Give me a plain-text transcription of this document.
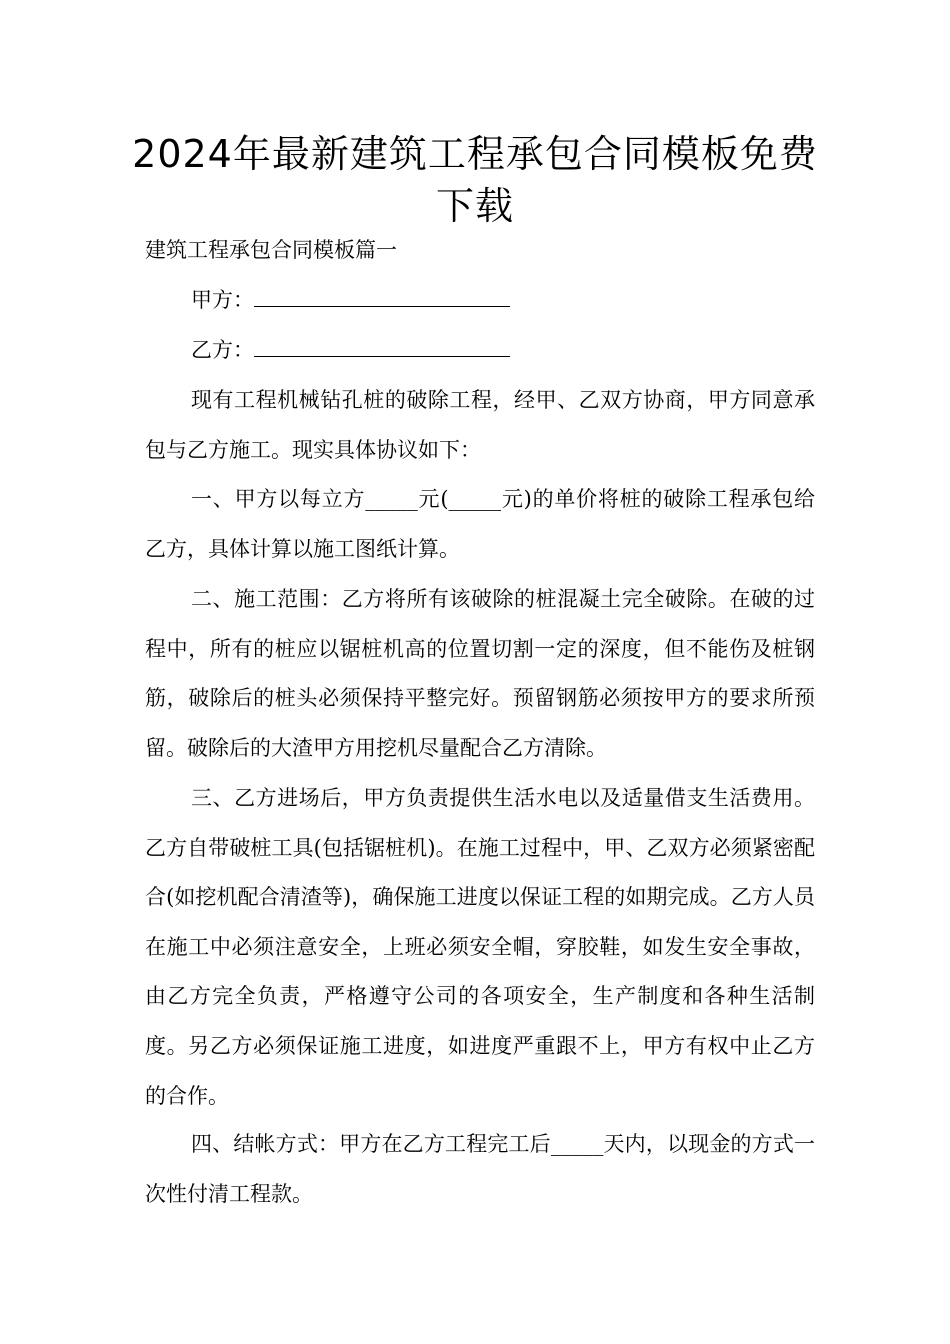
2024年最新建筑工程承包合同模板免费下载

建筑工程承包合同模板篇一

甲方：

乙方：

现有工程机械钻孔桩的破除工程，经甲、乙双方协商，甲方同意承包与乙方施工。现实具体协议如下：

一、甲方以每立方_____元(_____元)的单价将桩的破除工程承包给乙方，具体计算以施工图纸计算。

二、施工范围：乙方将所有该破除的桩混凝土完全破除。在破的过程中，所有的桩应以锯桩机高的位置切割一定的深度，但不能伤及桩钢筋，破除后的桩头必须保持平整完好。预留钢筋必须按甲方的要求所预留。破除后的大渣甲方用挖机尽量配合乙方清除。

三、乙方进场后，甲方负责提供生活水电以及适量借支生活费用。乙方自带破桩工具(包括锯桩机)。在施工过程中，甲、乙双方必须紧密配合(如挖机配合清渣等)，确保施工进度以保证工程的如期完成。乙方人员在施工中必须注意安全，上班必须安全帽，穿胶鞋，如发生安全事故，由乙方完全负责，严格遵守公司的各项安全，生产制度和各种生活制度。另乙方必须保证施工进度，如进度严重跟不上，甲方有权中止乙方的合作。

四、结帐方式：甲方在乙方工程完工后_____天内，以现金的方式一次性付清工程款。
